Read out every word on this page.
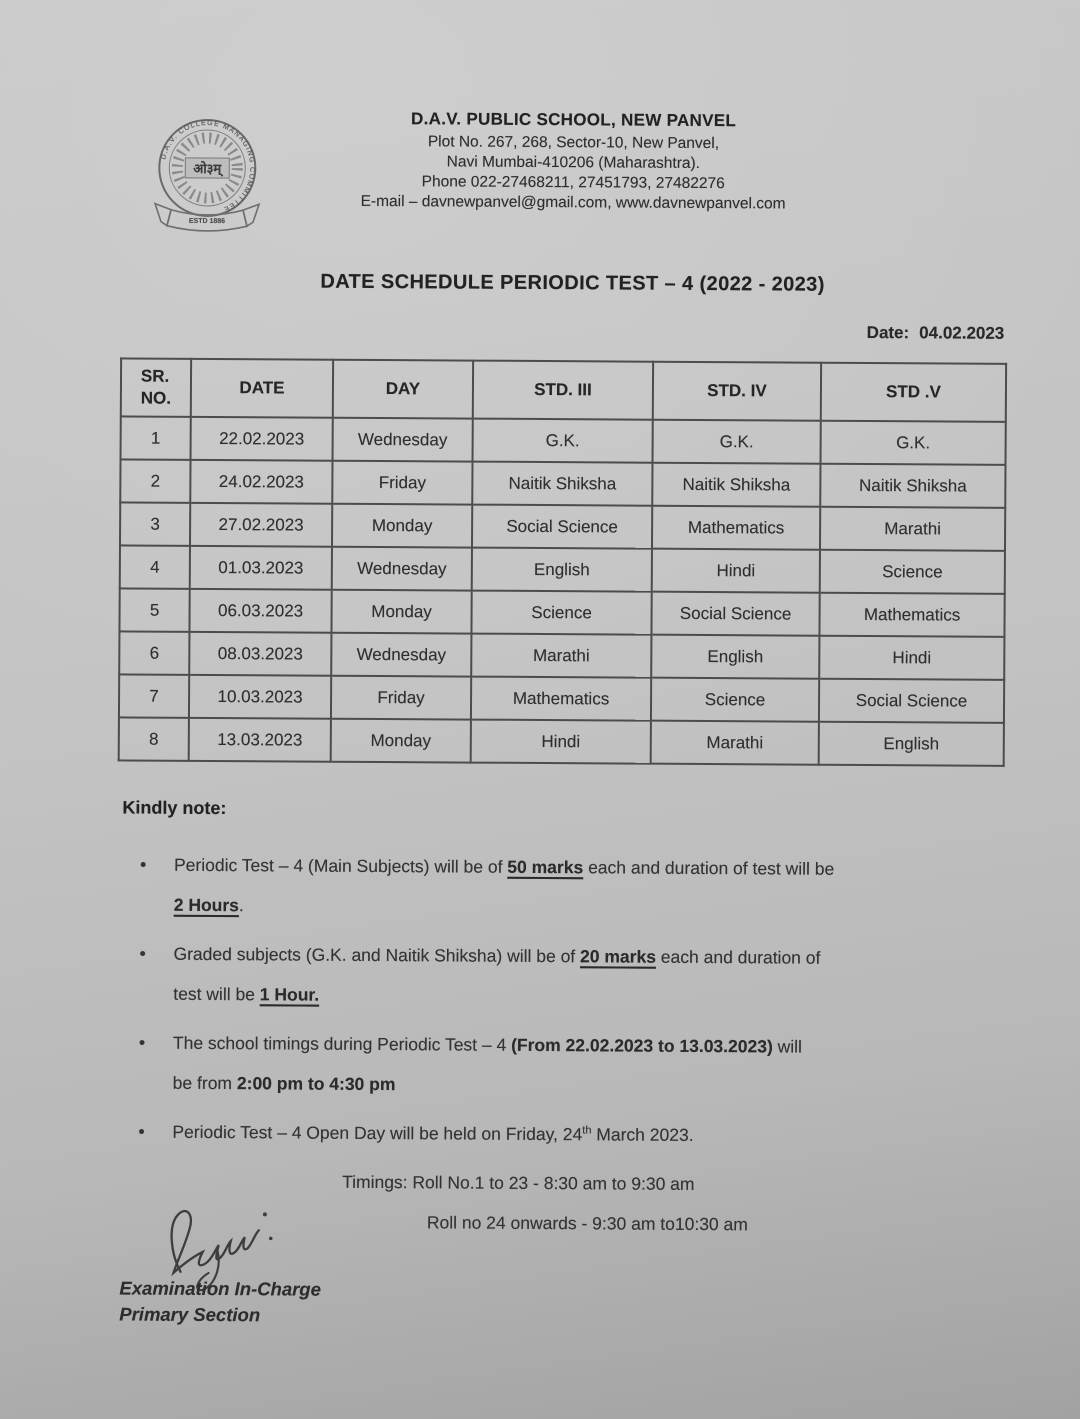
D.A.V. COLLEGE MANAGING COMMITTEE
ओ३म्
ESTD 1886
D.A.V. PUBLIC SCHOOL, NEW PANVEL
Plot No. 267, 268, Sector-10, New Panvel,
Navi Mumbai-410206 (Maharashtra).
Phone 022-27468211, 27451793, 27482276
E-mail – davnewpanvel@gmail.com, www.davnewpanvel.com
DATE SCHEDULE PERIODIC TEST – 4 (2022 - 2023)
Date: 04.02.2023
SR.
NO.	DATE	DAY	STD. III	STD. IV	STD .V
1	22.02.2023	Wednesday	G.K.	G.K.	G.K.
2	24.02.2023	Friday	Naitik Shiksha	Naitik Shiksha	Naitik Shiksha
3	27.02.2023	Monday	Social Science	Mathematics	Marathi
4	01.03.2023	Wednesday	English	Hindi	Science
5	06.03.2023	Monday	Science	Social Science	Mathematics
6	08.03.2023	Wednesday	Marathi	English	Hindi
7	10.03.2023	Friday	Mathematics	Science	Social Science
8	13.03.2023	Monday	Hindi	Marathi	English
Kindly note:
• Periodic Test – 4 (Main Subjects) will be of 50 marks each and duration of test will be
2 Hours.
• Graded subjects (G.K. and Naitik Shiksha) will be of 20 marks each and duration of
test will be 1 Hour.
• The school timings during Periodic Test – 4 (From 22.02.2023 to 13.03.2023) will
be from 2:00 pm to 4:30 pm
• Periodic Test – 4 Open Day will be held on Friday, 24th March 2023.
Timings: Roll No.1 to 23 - 8:30 am to 9:30 am
Roll no 24 onwards - 9:30 am to10:30 am
Examination In-Charge
Primary Section
